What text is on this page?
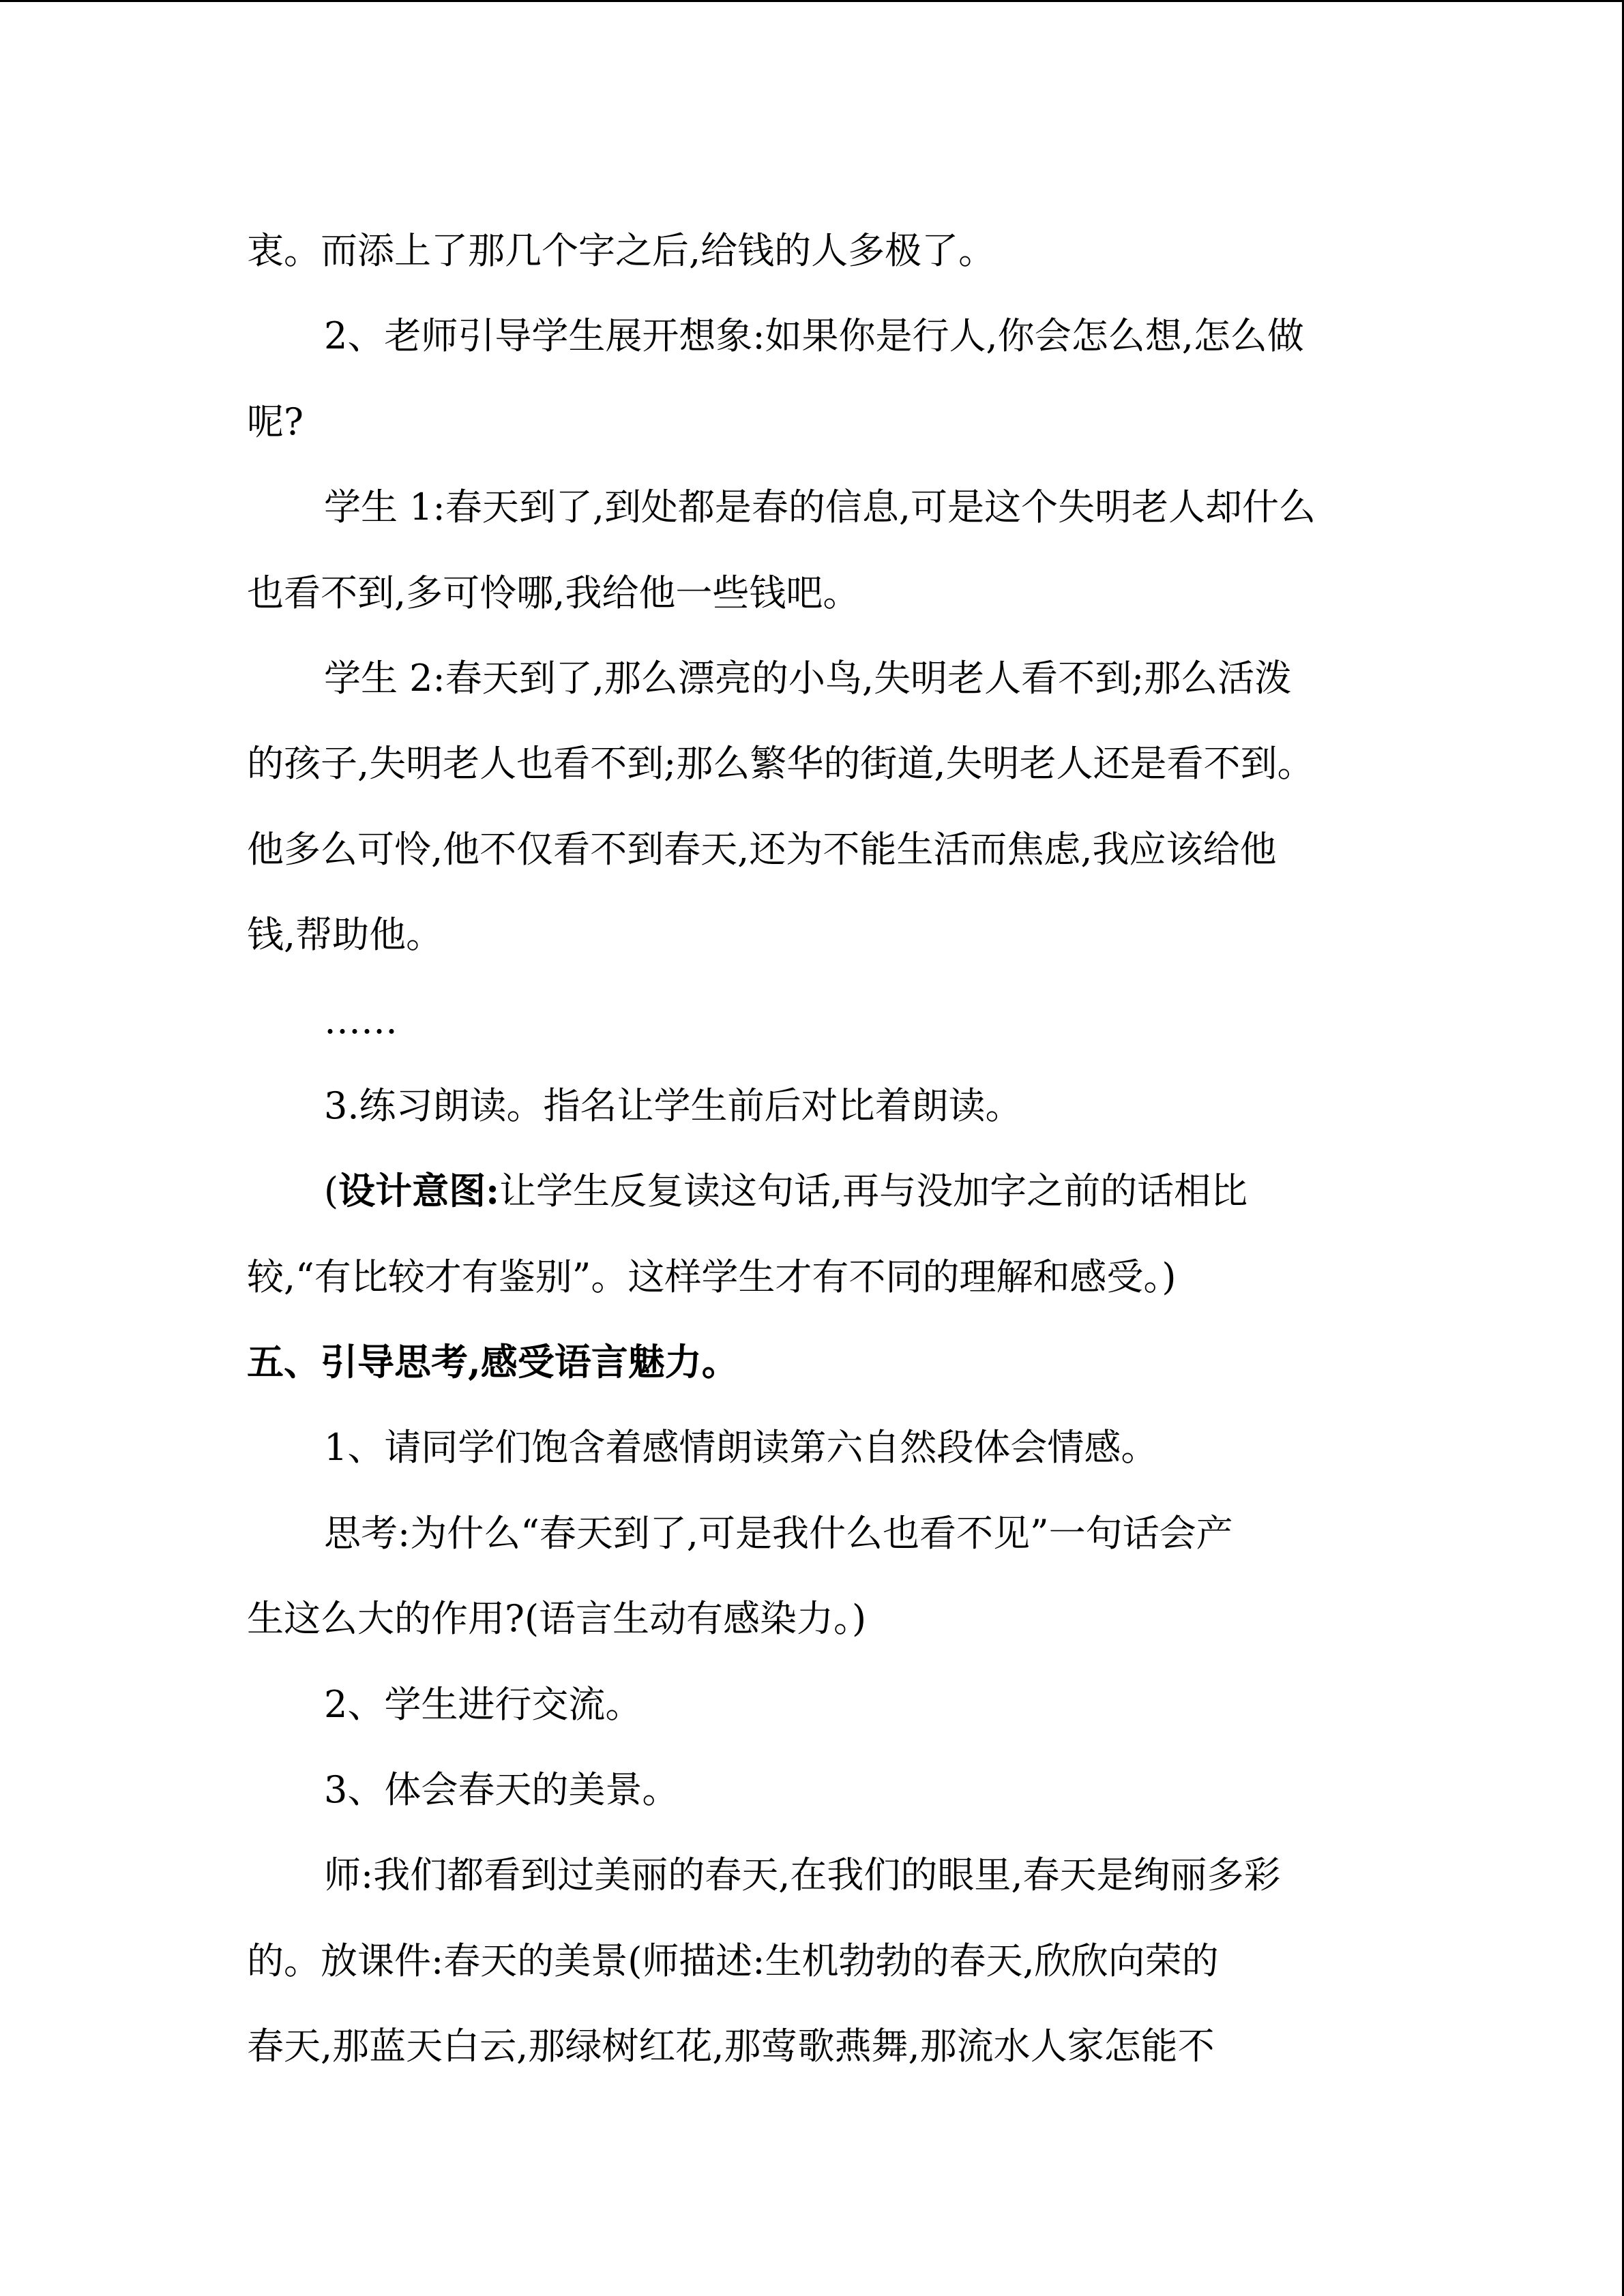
衷。而添上了那几个字之后,给钱的人多极了。
2、老师引导学生展开想象:如果你是行人,你会怎么想,怎么做
呢?
学生 1:春天到了,到处都是春的信息,可是这个失明老人却什么
也看不到,多可怜哪,我给他一些钱吧。
学生 2:春天到了,那么漂亮的小鸟,失明老人看不到;那么活泼
的孩子,失明老人也看不到;那么繁华的街道,失明老人还是看不到。
他多么可怜,他不仅看不到春天,还为不能生活而焦虑,我应该给他
钱,帮助他。
……
3.练习朗读。指名让学生前后对比着朗读。
(设计意图:让学生反复读这句话,再与没加字之前的话相比
较,“有比较才有鉴别”。这样学生才有不同的理解和感受。)
五、引导思考,感受语言魅力。
1、请同学们饱含着感情朗读第六自然段体会情感。
思考:为什么“春天到了,可是我什么也看不见”一句话会产
生这么大的作用?(语言生动有感染力。)
2、学生进行交流。
3、体会春天的美景。
师:我们都看到过美丽的春天,在我们的眼里,春天是绚丽多彩
的。放课件:春天的美景(师描述:生机勃勃的春天,欣欣向荣的
春天,那蓝天白云,那绿树红花,那莺歌燕舞,那流水人家怎能不
